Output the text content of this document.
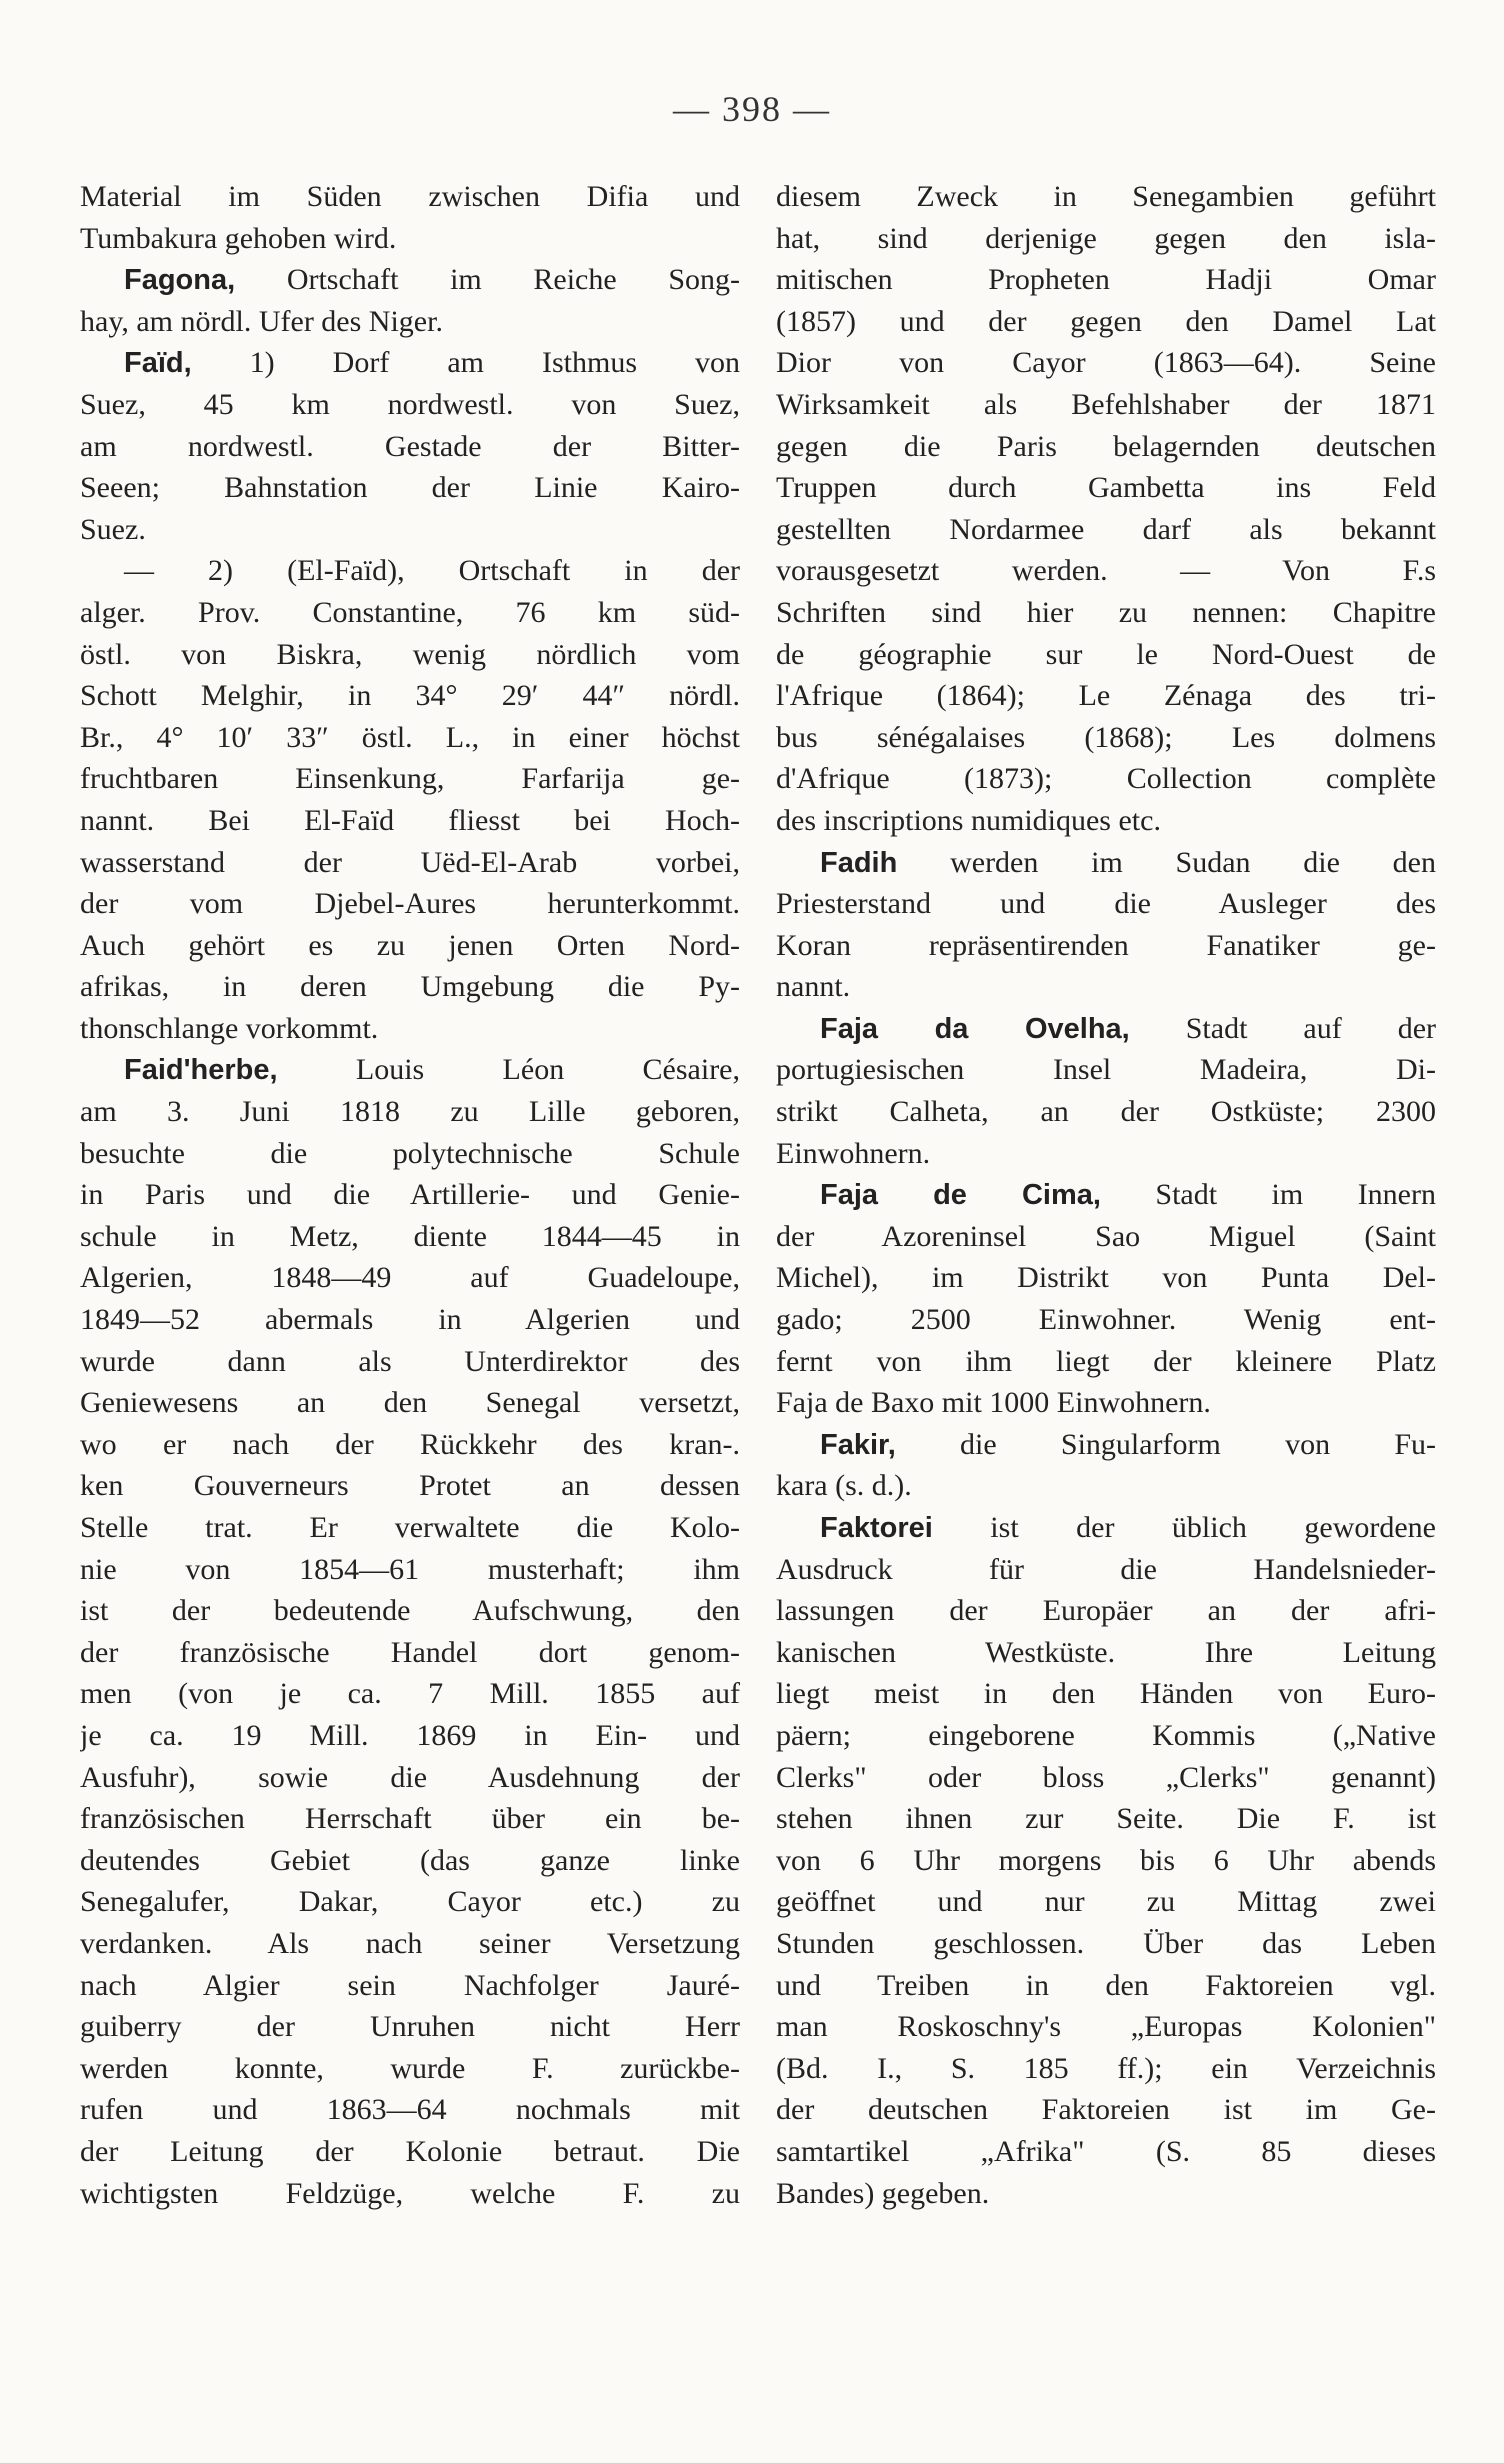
— 398 —
Material im Süden zwischen Difia und
Tumbakura gehoben wird.
Fagona, Ortschaft im Reiche Song-
hay, am nördl. Ufer des Niger.
Faïd, 1) Dorf am Isthmus von
Suez, 45 km nordwestl. von Suez,
am nordwestl. Gestade der Bitter-
Seeen; Bahnstation der Linie Kairo-
Suez.
— 2) (El-Faïd), Ortschaft in der
alger. Prov. Constantine, 76 km süd-
östl. von Biskra, wenig nördlich vom
Schott Melghir, in 34° 29′ 44″ nördl.
Br., 4° 10′ 33″ östl. L., in einer höchst
fruchtbaren Einsenkung, Farfarija ge-
nannt. Bei El-Faïd fliesst bei Hoch-
wasserstand der Uëd-El-Arab vorbei,
der vom Djebel-Aures herunterkommt.
Auch gehört es zu jenen Orten Nord-
afrikas, in deren Umgebung die Py-
thonschlange vorkommt.
Faid'herbe, Louis Léon Césaire,
am 3. Juni 1818 zu Lille geboren,
besuchte die polytechnische Schule
in Paris und die Artillerie- und Genie-
schule in Metz, diente 1844—45 in
Algerien, 1848—49 auf Guadeloupe,
1849—52 abermals in Algerien und
wurde dann als Unterdirektor des
Geniewesens an den Senegal versetzt,
wo er nach der Rückkehr des kran-.
ken Gouverneurs Protet an dessen
Stelle trat. Er verwaltete die Kolo-
nie von 1854—61 musterhaft; ihm
ist der bedeutende Aufschwung, den
der französische Handel dort genom-
men (von je ca. 7 Mill. 1855 auf
je ca. 19 Mill. 1869 in Ein- und
Ausfuhr), sowie die Ausdehnung der
französischen Herrschaft über ein be-
deutendes Gebiet (das ganze linke
Senegalufer, Dakar, Cayor etc.) zu
verdanken. Als nach seiner Versetzung
nach Algier sein Nachfolger Jauré-
guiberry der Unruhen nicht Herr
werden konnte, wurde F. zurückbe-
rufen und 1863—64 nochmals mit
der Leitung der Kolonie betraut. Die
wichtigsten Feldzüge, welche F. zu
diesem Zweck in Senegambien geführt
hat, sind derjenige gegen den isla-
mitischen Propheten Hadji Omar
(1857) und der gegen den Damel Lat
Dior von Cayor (1863—64). Seine
Wirksamkeit als Befehlshaber der 1871
gegen die Paris belagernden deutschen
Truppen durch Gambetta ins Feld
gestellten Nordarmee darf als bekannt
vorausgesetzt werden. — Von F.s
Schriften sind hier zu nennen: Chapitre
de géographie sur le Nord-Ouest de
l'Afrique (1864); Le Zénaga des tri-
bus sénégalaises (1868); Les dolmens
d'Afrique (1873); Collection complète
des inscriptions numidiques etc.
Fadih werden im Sudan die den
Priesterstand und die Ausleger des
Koran repräsentirenden Fanatiker ge-
nannt.
Faja da Ovelha, Stadt auf der
portugiesischen Insel Madeira, Di-
strikt Calheta, an der Ostküste; 2300
Einwohnern.
Faja de Cima, Stadt im Innern
der Azoreninsel Sao Miguel (Saint
Michel), im Distrikt von Punta Del-
gado; 2500 Einwohner. Wenig ent-
fernt von ihm liegt der kleinere Platz
Faja de Baxo mit 1000 Einwohnern.
Fakir, die Singularform von Fu-
kara (s. d.).
Faktorei ist der üblich gewordene
Ausdruck für die Handelsnieder-
lassungen der Europäer an der afri-
kanischen Westküste. Ihre Leitung
liegt meist in den Händen von Euro-
päern; eingeborene Kommis („Native
Clerks" oder bloss „Clerks" genannt)
stehen ihnen zur Seite. Die F. ist
von 6 Uhr morgens bis 6 Uhr abends
geöffnet und nur zu Mittag zwei
Stunden geschlossen. Über das Leben
und Treiben in den Faktoreien vgl.
man Roskoschny's „Europas Kolonien"
(Bd. I., S. 185 ff.); ein Verzeichnis
der deutschen Faktoreien ist im Ge-
samtartikel „Afrika" (S. 85 dieses
Bandes) gegeben.
